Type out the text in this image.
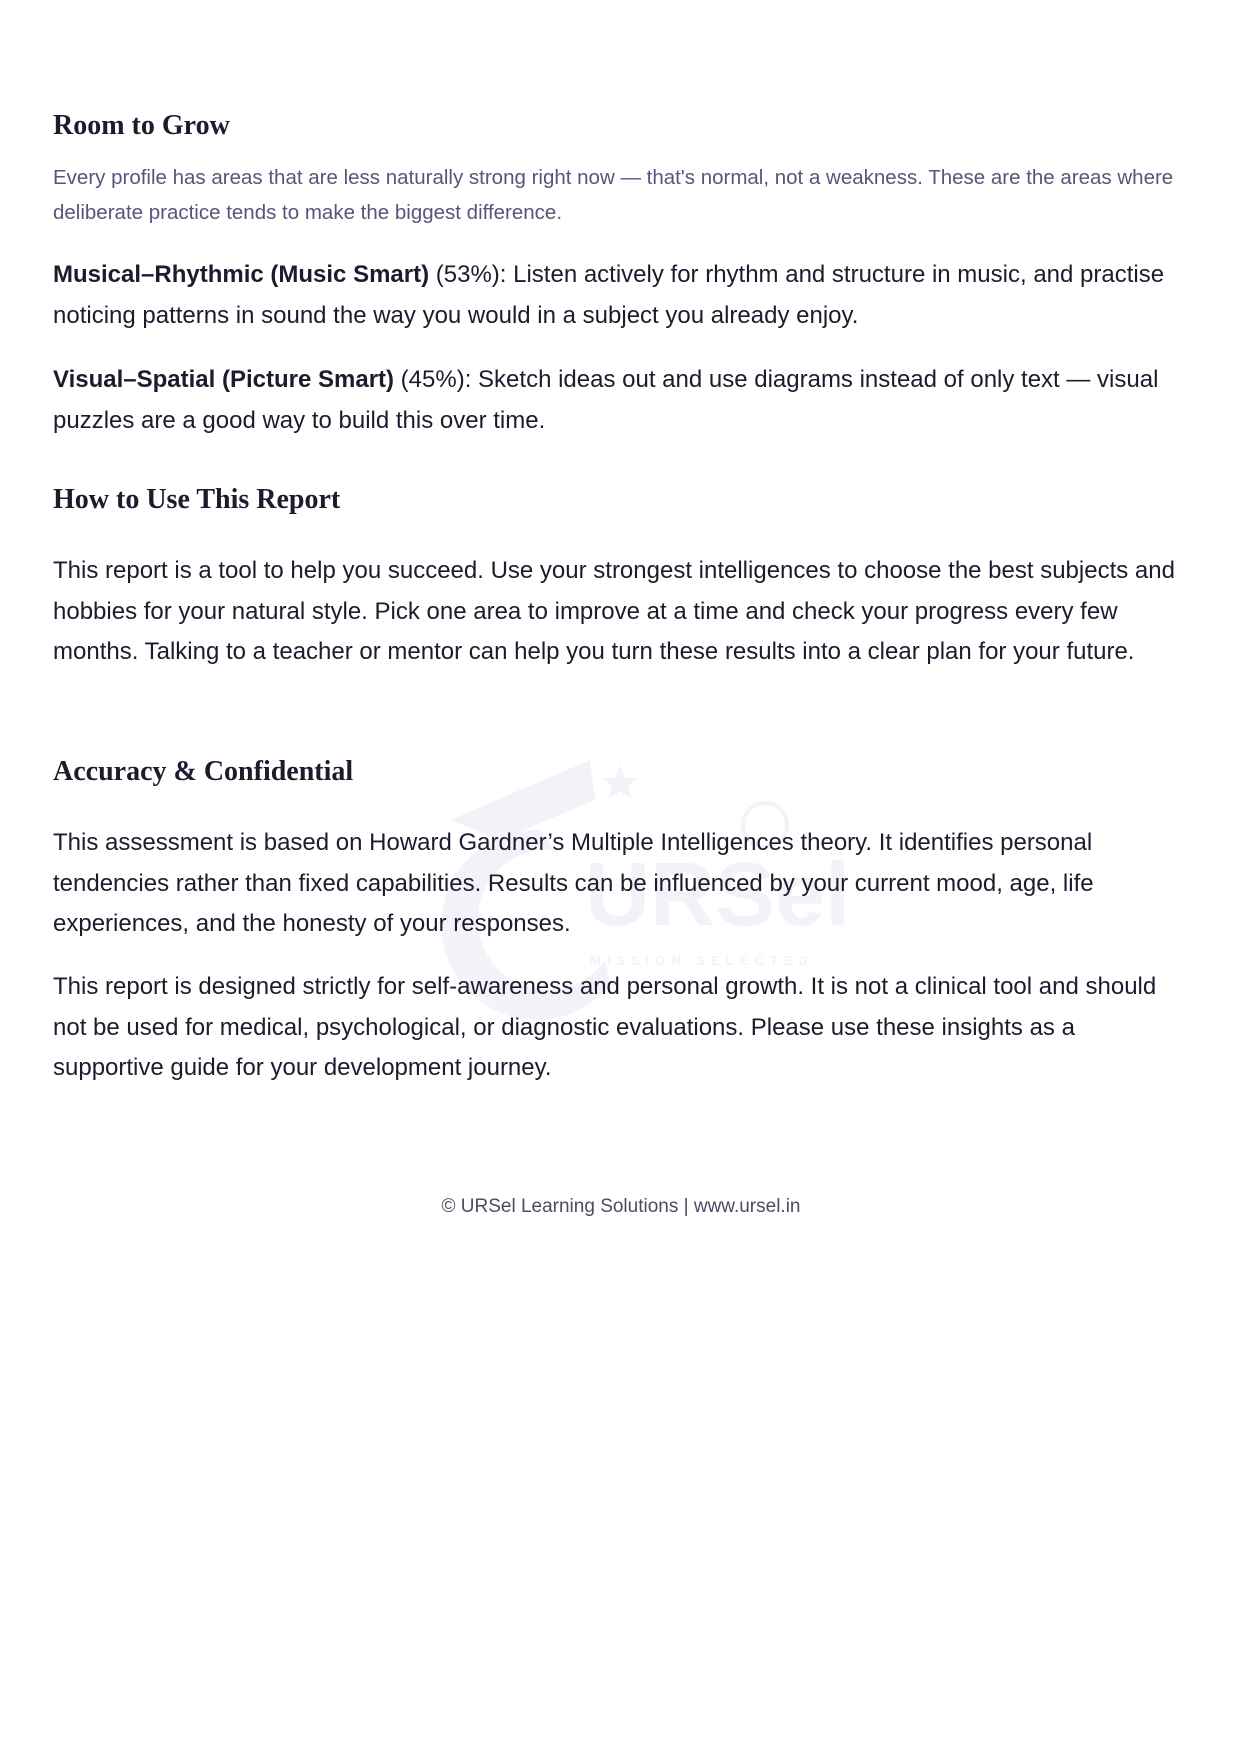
URSel
MISSION SELECTED
Room to Grow

Every profile has areas that are less naturally strong right now — that's normal, not a weakness. These are the areas where deliberate practice tends to make the biggest difference.

Musical–Rhythmic (Music Smart) (53%): Listen actively for rhythm and structure in music, and practise noticing patterns in sound the way you would in a subject you already enjoy.

Visual–Spatial (Picture Smart) (45%): Sketch ideas out and use diagrams instead of only text — visual puzzles are a good way to build this over time.

How to Use This Report

This report is a tool to help you succeed. Use your strongest intelligences to choose the best subjects and hobbies for your natural style. Pick one area to improve at a time and check your progress every few months. Talking to a teacher or mentor can help you turn these results into a clear plan for your future.

Accuracy & Confidential

This assessment is based on Howard Gardner’s Multiple Intelligences theory. It identifies personal tendencies rather than fixed capabilities. Results can be influenced by your current mood, age, life experiences, and the honesty of your responses.

This report is designed strictly for self-awareness and personal growth. It is not a clinical tool and should not be used for medical, psychological, or diagnostic evaluations. Please use these insights as a supportive guide for your development journey.

© URSel Learning Solutions | www.ursel.in
